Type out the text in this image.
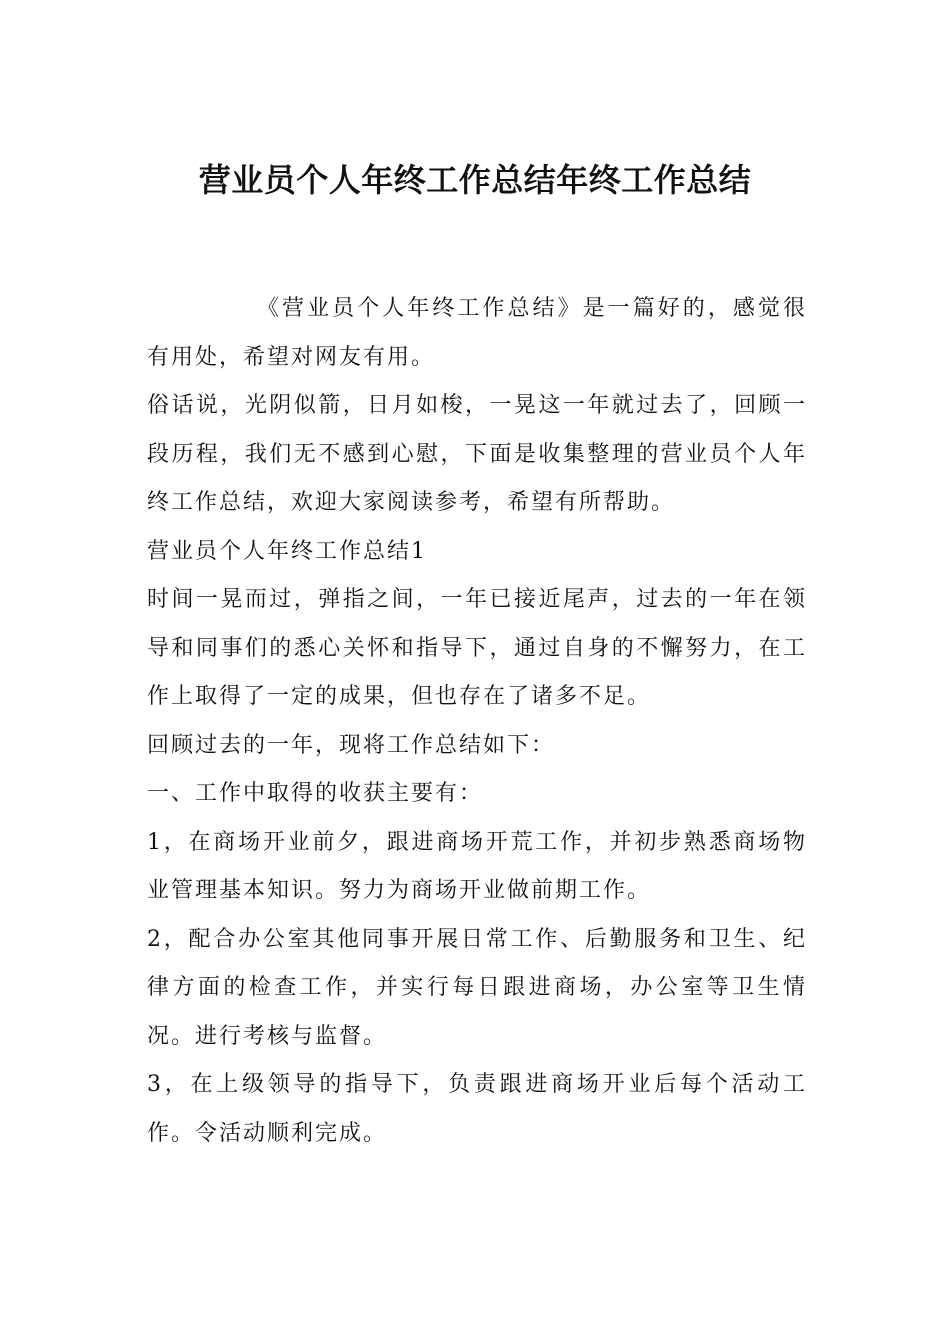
营业员个人年终工作总结年终工作总结

《营业员个人年终工作总结》是一篇好的，感觉很有用处，希望对网友有用。

俗话说，光阴似箭，日月如梭，一晃这一年就过去了，回顾一段历程，我们无不感到心慰，下面是收集整理的营业员个人年终工作总结，欢迎大家阅读参考，希望有所帮助。

营业员个人年终工作总结1

时间一晃而过，弹指之间，一年已接近尾声，过去的一年在领导和同事们的悉心关怀和指导下，通过自身的不懈努力，在工作上取得了一定的成果，但也存在了诸多不足。

回顾过去的一年，现将工作总结如下：

一、工作中取得的收获主要有：

1，在商场开业前夕，跟进商场开荒工作，并初步熟悉商场物业管理基本知识。努力为商场开业做前期工作。

2，配合办公室其他同事开展日常工作、后勤服务和卫生、纪律方面的检查工作，并实行每日跟进商场，办公室等卫生情况。进行考核与监督。

3，在上级领导的指导下，负责跟进商场开业后每个活动工作。令活动顺利完成。
